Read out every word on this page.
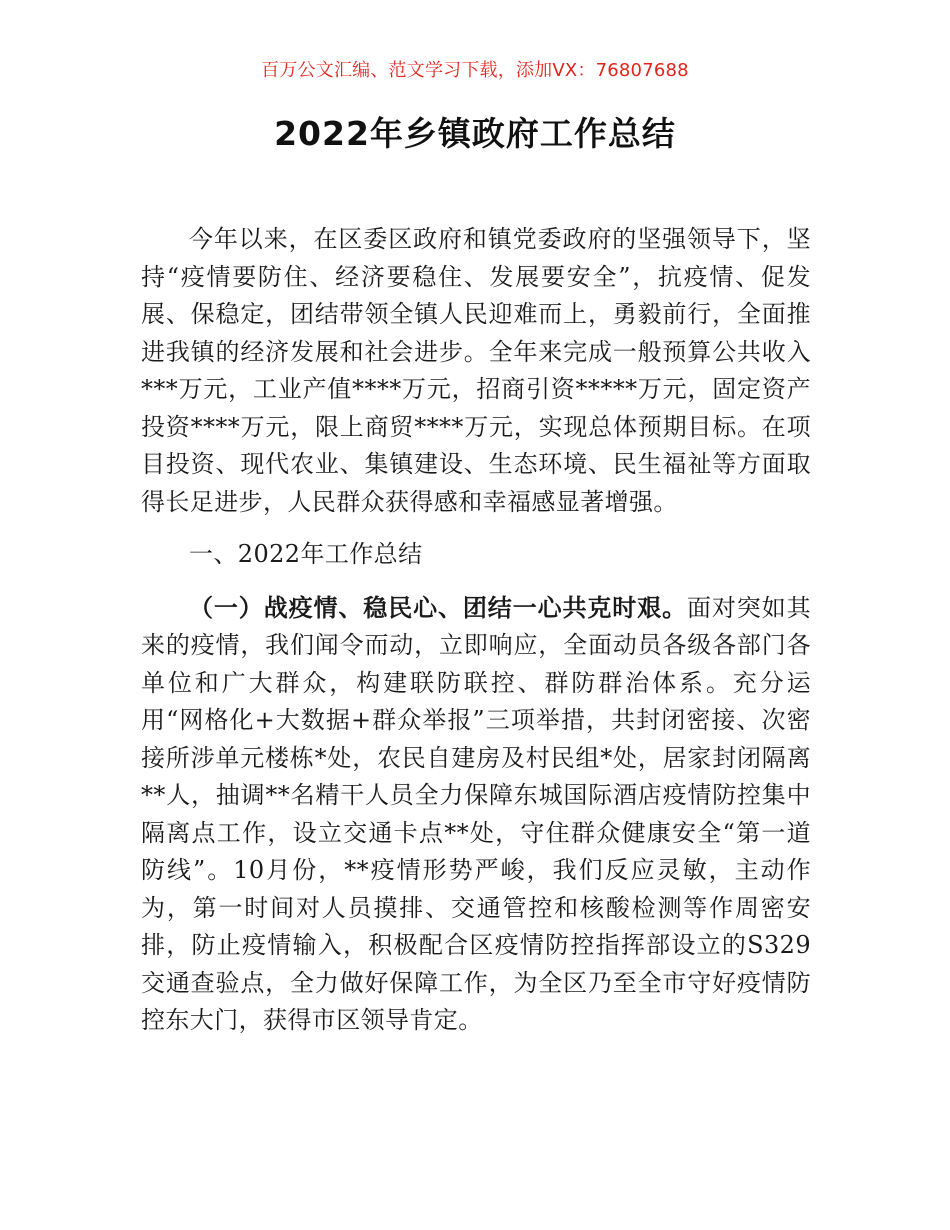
百万公文汇编、范文学习下载，添加VX：76807688
2022年乡镇政府工作总结

今年以来，在区委区政府和镇党委政府的坚强领导下，坚持“疫情要防住、经济要稳住、发展要安全”，抗疫情、促发展、保稳定，团结带领全镇人民迎难而上，勇毅前行，全面推进我镇的经济发展和社会进步。全年来完成一般预算公共收入***万元，工业产值****万元，招商引资*****万元，固定资产投资****万元，限上商贸****万元，实现总体预期目标。在项目投资、现代农业、集镇建设、生态环境、民生福祉等方面取得长足进步，人民群众获得感和幸福感显著增强。

一、2022年工作总结

（一）战疫情、稳民心、团结一心共克时艰。面对突如其来的疫情，我们闻令而动，立即响应，全面动员各级各部门各单位和广大群众，构建联防联控、群防群治体系。充分运用“网格化+大数据+群众举报”三项举措，共封闭密接、次密接所涉单元楼栋*处，农民自建房及村民组*处，居家封闭隔离**人，抽调**名精干人员全力保障东城国际酒店疫情防控集中隔离点工作，设立交通卡点**处，守住群众健康安全“第一道防线”。10月份，**疫情形势严峻，我们反应灵敏，主动作为，第一时间对人员摸排、交通管控和核酸检测等作周密安排，防止疫情输入，积极配合区疫情防控指挥部设立的S329交通查验点，全力做好保障工作，为全区乃至全市守好疫情防控东大门，获得市区领导肯定。
